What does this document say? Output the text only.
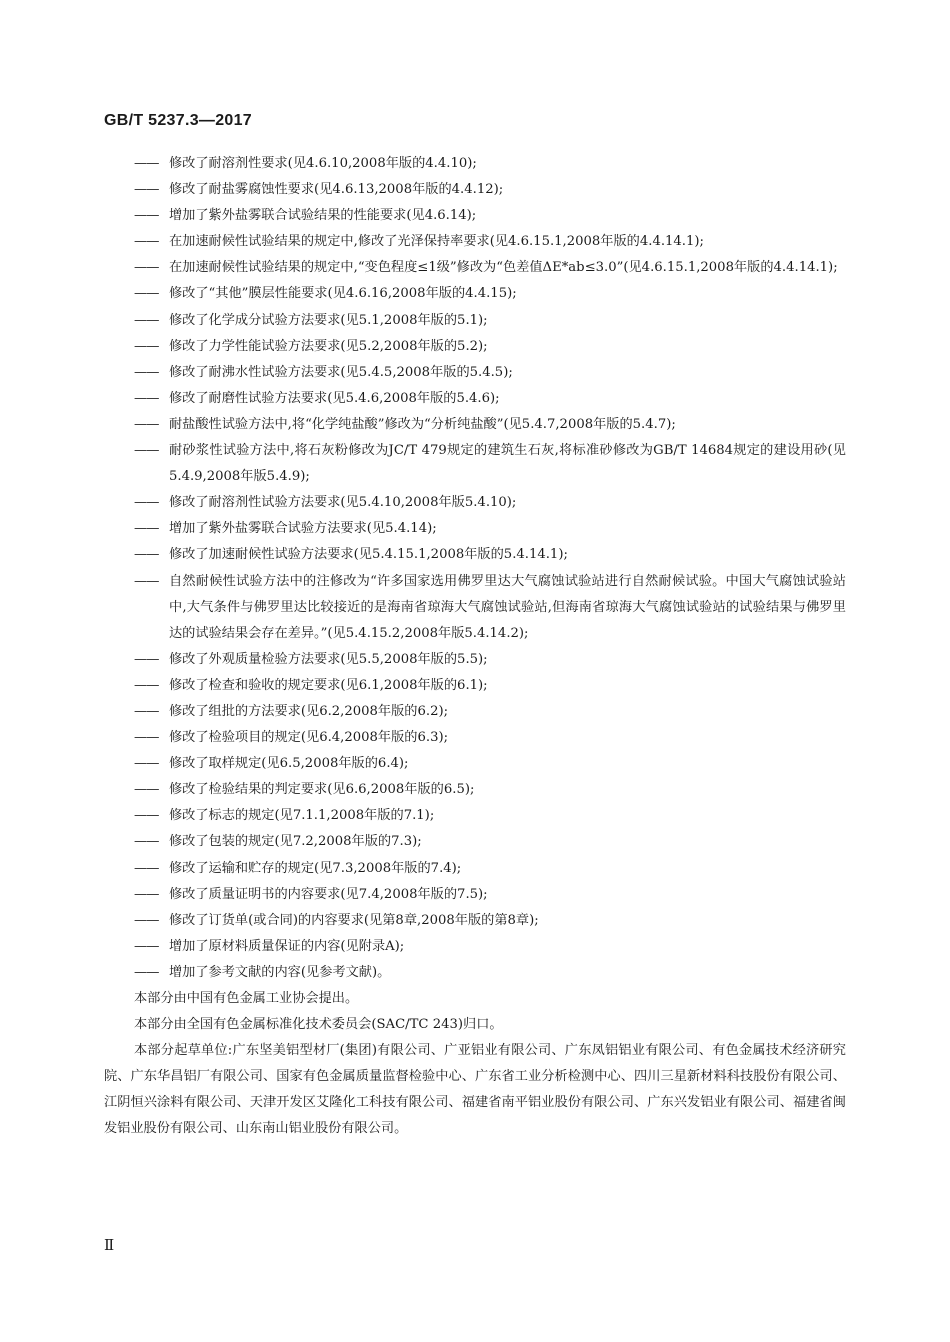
GB/T 5237.3—2017
—— 修改了耐溶剂性要求(见4.6.10,2008年版的4.4.10);
—— 修改了耐盐雾腐蚀性要求(见4.6.13,2008年版的4.4.12);
—— 增加了紫外盐雾联合试验结果的性能要求(见4.6.14);
—— 在加速耐候性试验结果的规定中,修改了光泽保持率要求(见4.6.15.1,2008年版的4.4.14.1);
—— 在加速耐候性试验结果的规定中,“变色程度≤1级”修改为“色差值ΔE*ab≤3.0”(见4.6.15.1,2008年版的4.4.14.1);
—— 修改了“其他”膜层性能要求(见4.6.16,2008年版的4.4.15);
—— 修改了化学成分试验方法要求(见5.1,2008年版的5.1);
—— 修改了力学性能试验方法要求(见5.2,2008年版的5.2);
—— 修改了耐沸水性试验方法要求(见5.4.5,2008年版的5.4.5);
—— 修改了耐磨性试验方法要求(见5.4.6,2008年版的5.4.6);
—— 耐盐酸性试验方法中,将“化学纯盐酸”修改为“分析纯盐酸”(见5.4.7,2008年版的5.4.7);
—— 耐砂浆性试验方法中,将石灰粉修改为JC/T 479规定的建筑生石灰,将标准砂修改为GB/T 14684规定的建设用砂(见5.4.9,2008年版5.4.9);
—— 修改了耐溶剂性试验方法要求(见5.4.10,2008年版5.4.10);
—— 增加了紫外盐雾联合试验方法要求(见5.4.14);
—— 修改了加速耐候性试验方法要求(见5.4.15.1,2008年版的5.4.14.1);
—— 自然耐候性试验方法中的注修改为“许多国家选用佛罗里达大气腐蚀试验站进行自然耐候试验。中国大气腐蚀试验站中,大气条件与佛罗里达比较接近的是海南省琼海大气腐蚀试验站,但海南省琼海大气腐蚀试验站的试验结果与佛罗里达的试验结果会存在差异。”(见5.4.15.2,2008年版5.4.14.2);
—— 修改了外观质量检验方法要求(见5.5,2008年版的5.5);
—— 修改了检查和验收的规定要求(见6.1,2008年版的6.1);
—— 修改了组批的方法要求(见6.2,2008年版的6.2);
—— 修改了检验项目的规定(见6.4,2008年版的6.3);
—— 修改了取样规定(见6.5,2008年版的6.4);
—— 修改了检验结果的判定要求(见6.6,2008年版的6.5);
—— 修改了标志的规定(见7.1.1,2008年版的7.1);
—— 修改了包装的规定(见7.2,2008年版的7.3);
—— 修改了运输和贮存的规定(见7.3,2008年版的7.4);
—— 修改了质量证明书的内容要求(见7.4,2008年版的7.5);
—— 修改了订货单(或合同)的内容要求(见第8章,2008年版的第8章);
—— 增加了原材料质量保证的内容(见附录A);
—— 增加了参考文献的内容(见参考文献)。

本部分由中国有色金属工业协会提出。

本部分由全国有色金属标准化技术委员会(SAC/TC 243)归口。

本部分起草单位:广东坚美铝型材厂(集团)有限公司、广亚铝业有限公司、广东凤铝铝业有限公司、有色金属技术经济研究院、广东华昌铝厂有限公司、国家有色金属质量监督检验中心、广东省工业分析检测中心、四川三星新材料科技股份有限公司、江阴恒兴涂料有限公司、天津开发区艾隆化工科技有限公司、福建省南平铝业股份有限公司、广东兴发铝业有限公司、福建省闽发铝业股份有限公司、山东南山铝业股份有限公司。

Ⅱ
